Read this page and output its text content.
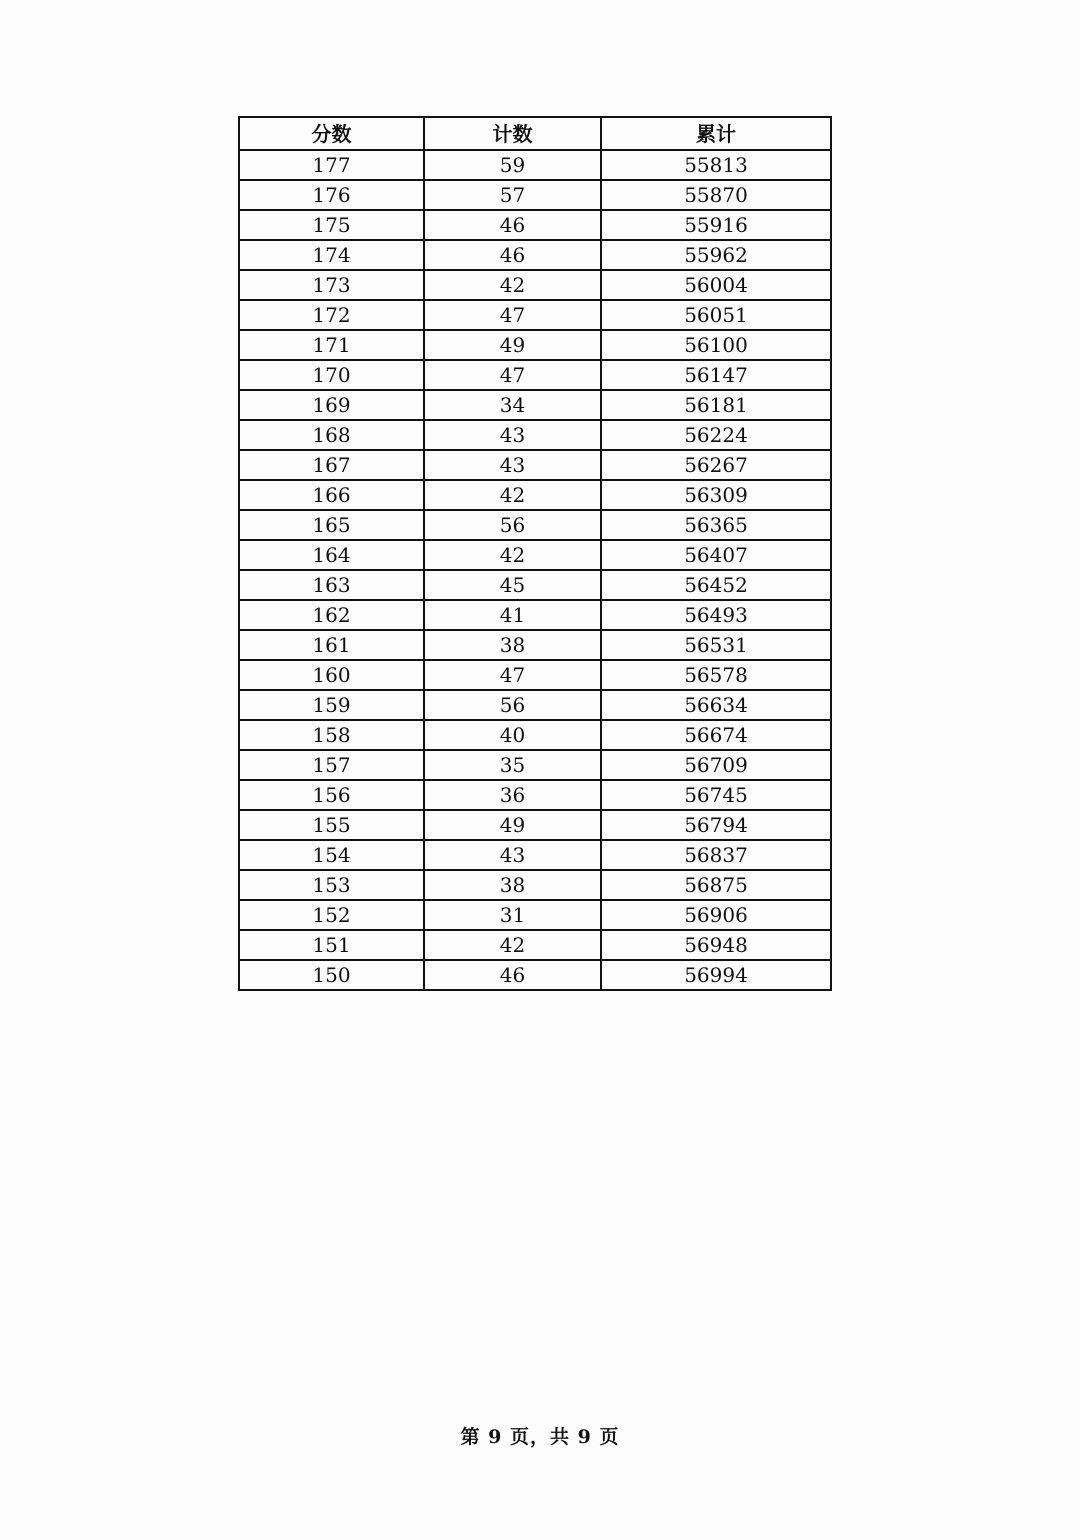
分数	计数	累计
177	59	55813
176	57	55870
175	46	55916
174	46	55962
173	42	56004
172	47	56051
171	49	56100
170	47	56147
169	34	56181
168	43	56224
167	43	56267
166	42	56309
165	56	56365
164	42	56407
163	45	56452
162	41	56493
161	38	56531
160	47	56578
159	56	56634
158	40	56674
157	35	56709
156	36	56745
155	49	56794
154	43	56837
153	38	56875
152	31	56906
151	42	56948
150	46	56994
第 9 页，共 9 页
